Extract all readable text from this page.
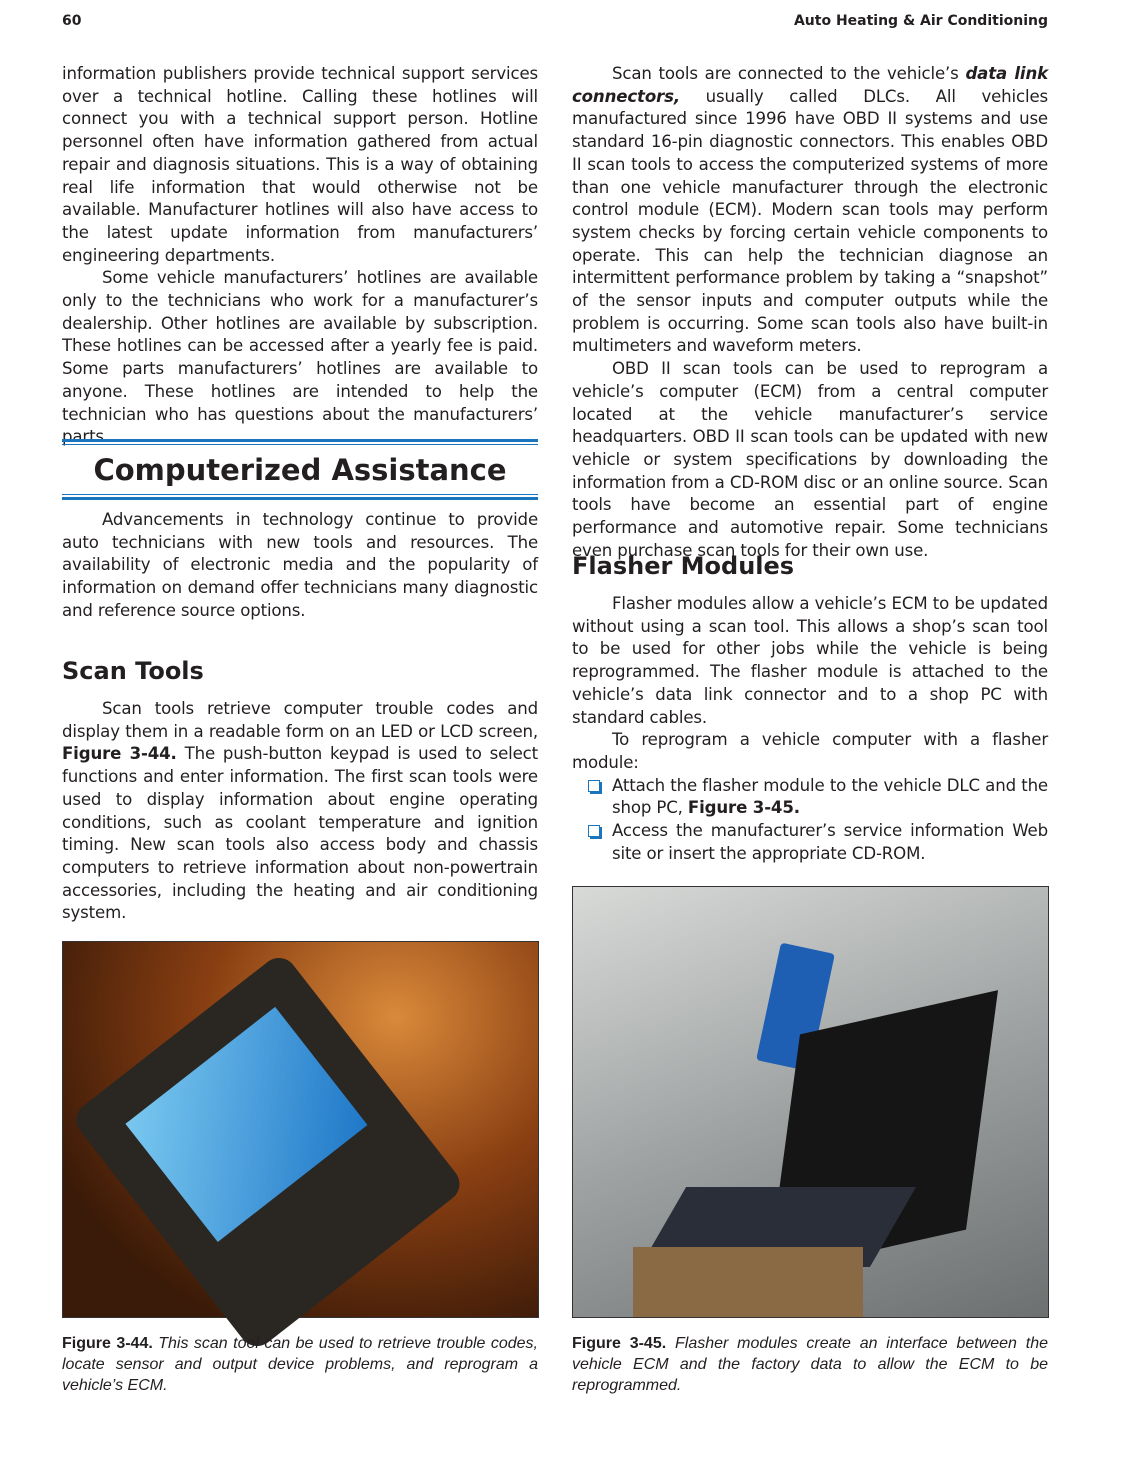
60	Auto Heating & Air Conditioning

information publishers provide technical support services over a technical hotline. Calling these hotlines will connect you with a technical support person. Hotline personnel often have information gathered from actual repair and diagnosis situations. This is a way of obtaining real life information that would otherwise not be available. Manufacturer hotlines will also have access to the latest update information from manufacturers’ engineering departments.

Some vehicle manufacturers’ hotlines are available only to the technicians who work for a manufacturer’s dealership. Other hotlines are available by subscription. These hotlines can be accessed after a yearly fee is paid. Some parts manufacturers’ hotlines are available to anyone. These hotlines are intended to help the technician who has questions about the manufacturers’ parts.

Computerized Assistance

Advancements in technology continue to provide auto technicians with new tools and resources. The availability of electronic media and the popularity of information on demand offer technicians many diagnostic and reference source options.

Scan Tools

Scan tools retrieve computer trouble codes and display them in a readable form on an LED or LCD screen, Figure 3-44. The push-button keypad is used to select functions and enter information. The first scan tools were used to display information about engine operating conditions, such as coolant temperature and ignition timing. New scan tools also access body and chassis computers to retrieve information about non-powertrain accessories, including the heating and air conditioning system.

Figure 3-44. This scan tool can be used to retrieve trouble codes, locate sensor and output device problems, and reprogram a vehicle’s ECM.

Scan tools are connected to the vehicle’s data link connectors, usually called DLCs. All vehicles manufactured since 1996 have OBD II systems and use standard 16-pin diagnostic connectors. This enables OBD II scan tools to access the computerized systems of more than one vehicle manufacturer through the electronic control module (ECM). Modern scan tools may perform system checks by forcing certain vehicle components to operate. This can help the technician diagnose an intermittent performance problem by taking a “snapshot” of the sensor inputs and computer outputs while the problem is occurring. Some scan tools also have built-in multimeters and waveform meters.

OBD II scan tools can be used to reprogram a vehicle’s computer (ECM) from a central computer located at the vehicle manufacturer’s service headquarters. OBD II scan tools can be updated with new vehicle or system specifications by downloading the information from a CD-ROM disc or an online source. Scan tools have become an essential part of engine performance and automotive repair. Some technicians even purchase scan tools for their own use.

Flasher Modules

Flasher modules allow a vehicle’s ECM to be updated without using a scan tool. This allows a shop’s scan tool to be used for other jobs while the vehicle is being reprogrammed. The flasher module is attached to the vehicle’s data link connector and to a shop PC with standard cables.

To reprogram a vehicle computer with a flasher module:

Attach the flasher module to the vehicle DLC and the shop PC, Figure 3-45.
Access the manufacturer’s service information Web site or insert the appropriate CD-ROM.
Figure 3-45. Flasher modules create an interface between the vehicle ECM and the factory data to allow the ECM to be reprogrammed.
